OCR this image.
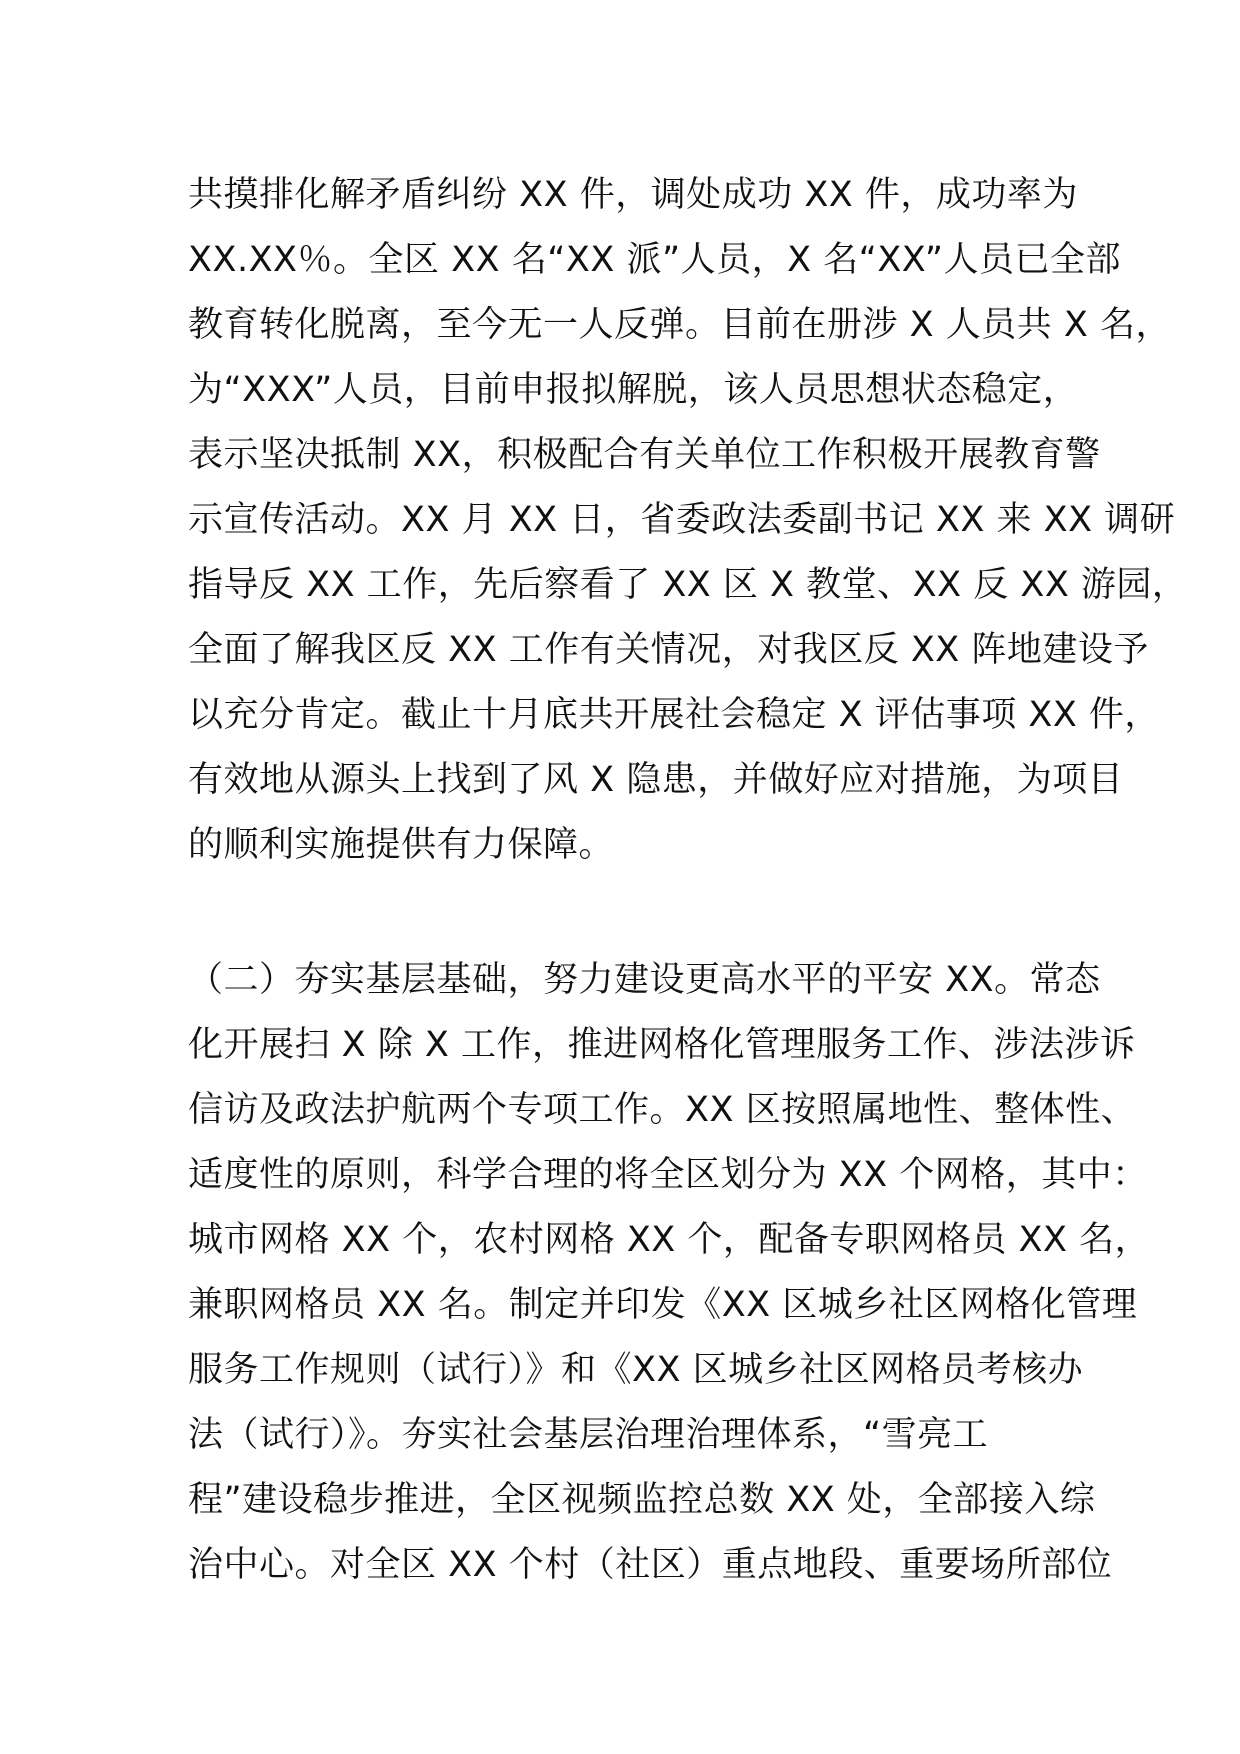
共摸排化解矛盾纠纷 XX 件，调处成功 XX 件，成功率为
XX.XX％。全区 XX 名“XX 派”人员，X 名“XX”人员已全部
教育转化脱离，至今无一人反弹。目前在册涉 X 人员共 X 名，
为“XXX”人员，目前申报拟解脱，该人员思想状态稳定，
表示坚决抵制 XX，积极配合有关单位工作积极开展教育警
示宣传活动。XX 月 XX 日，省委政法委副书记 XX 来 XX 调研
指导反 XX 工作，先后察看了 XX 区 X 教堂、XX 反 XX 游园，
全面了解我区反 XX 工作有关情况，对我区反 XX 阵地建设予
以充分肯定。截止十月底共开展社会稳定 X 评估事项 XX 件，
有效地从源头上找到了风 X 隐患，并做好应对措施，为项目
的顺利实施提供有力保障。
（二）夯实基层基础，努力建设更高水平的平安 XX。常态
化开展扫 X 除 X 工作，推进网格化管理服务工作、涉法涉诉
信访及政法护航两个专项工作。XX 区按照属地性、整体性、
适度性的原则，科学合理的将全区划分为 XX 个网格，其中：
城市网格 XX 个，农村网格 XX 个，配备专职网格员 XX 名，
兼职网格员 XX 名。制定并印发《XX 区城乡社区网格化管理
服务工作规则（试行）》和《XX 区城乡社区网格员考核办
法（试行）》。夯实社会基层治理治理体系，“雪亮工
程”建设稳步推进，全区视频监控总数 XX 处，全部接入综
治中心。对全区 XX 个村（社区）重点地段、重要场所部位
